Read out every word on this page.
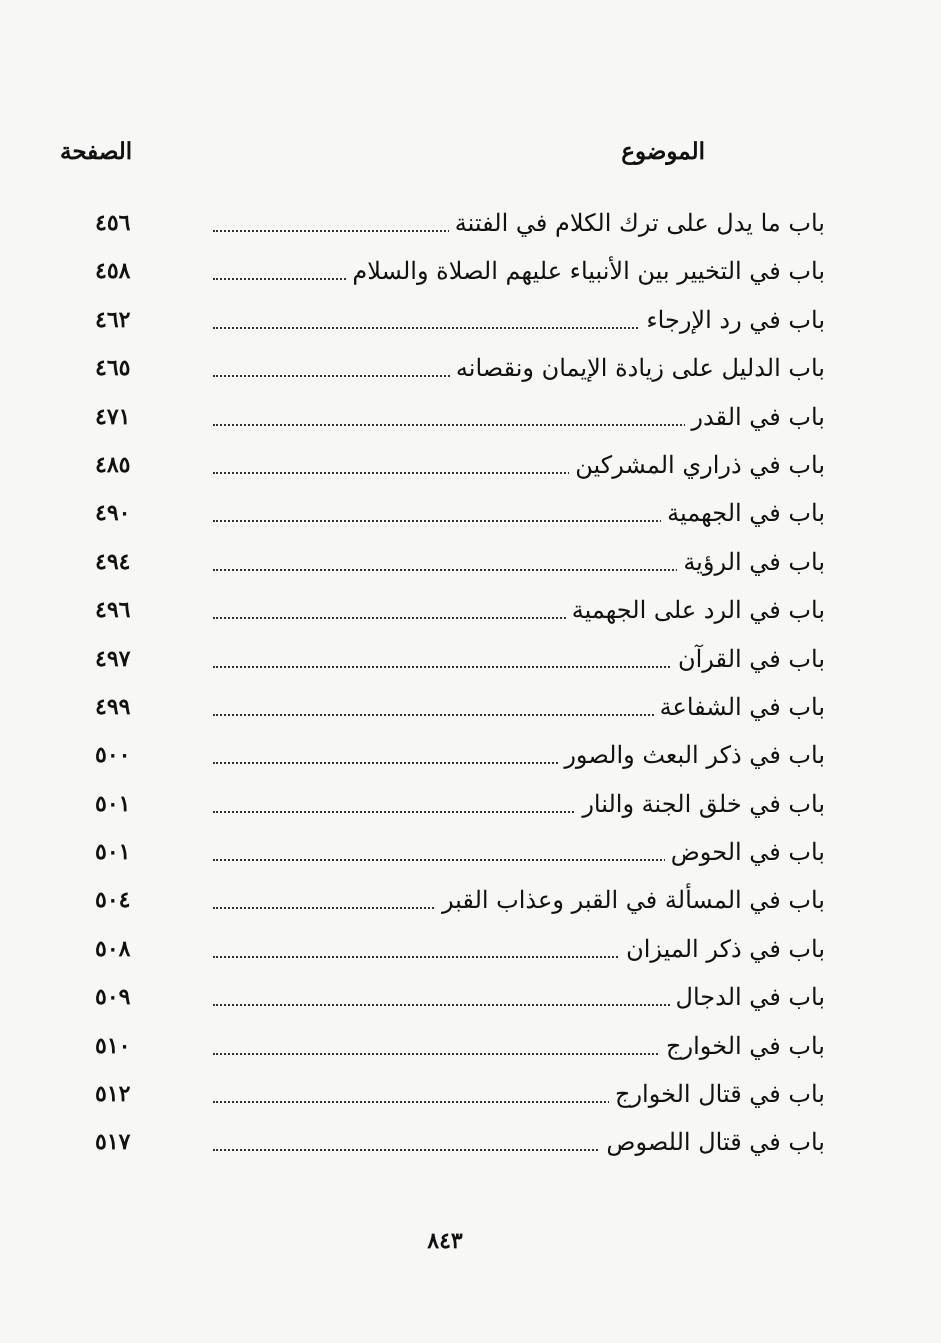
الموضوع
الصفحة
باب ما يدل على ترك الكلام في الفتنة
٤٥٦
باب في التخيير بين الأنبياء عليهم الصلاة والسلام
٤٥٨
باب في رد الإرجاء
٤٦٢
باب الدليل على زيادة الإيمان ونقصانه
٤٦٥
باب في القدر
٤٧١
باب في ذراري المشركين
٤٨٥
باب في الجهمية
٤٩٠
باب في الرؤية
٤٩٤
باب في الرد على الجهمية
٤٩٦
باب في القرآن
٤٩٧
باب في الشفاعة
٤٩٩
باب في ذكر البعث والصور
٥٠٠
باب في خلق الجنة والنار
٥٠١
باب في الحوض
٥٠١
باب في المسألة في القبر وعذاب القبر
٥٠٤
باب في ذكر الميزان
٥٠٨
باب في الدجال
٥٠٩
باب في الخوارج
٥١٠
باب في قتال الخوارج
٥١٢
باب في قتال اللصوص
٥١٧
٨٤٣
